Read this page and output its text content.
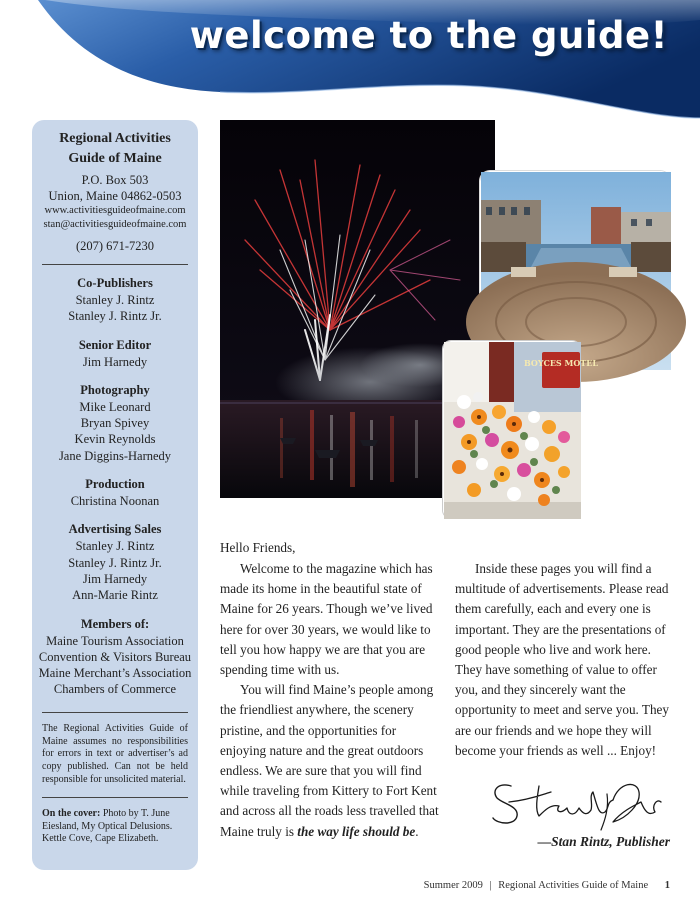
welcome to the guide!
Regional Activities
Guide of Maine
P.O. Box 503
Union, Maine 04862-0503
www.activitiesguideofmaine.com
stan@activitiesguideofmaine.com
(207) 671-7230
Co-Publishers
Stanley J. Rintz
Stanley J. Rintz Jr.
Senior Editor
Jim Harnedy
Photography
Mike Leonard
Bryan Spivey
Kevin Reynolds
Jane Diggins-Harnedy
Production
Christina Noonan
Advertising Sales
Stanley J. Rintz
Stanley J. Rintz Jr.
Jim Harnedy
Ann-Marie Rintz
Members of:
Maine Tourism Association
Convention & Visitors Bureau
Maine Merchant’s Association
Chambers of Commerce
The Regional Activities Guide of Maine assumes no responsibilities for errors in text or advertiser’s ad copy published. Can not be held responsible for unsolicited material.
On the cover: Photo by T. June Eiesland, My Optical Delusions. Kettle Cove, Cape Elizabeth.
BOYCES MOTEL
Hello Friends,

Welcome to the magazine which has made its home in the beautiful state of Maine for 26 years. Though we’ve lived here for over 30 years, we would like to tell you how happy we are that you are spending time with us.

You will find Maine’s people among the friendliest anywhere, the scenery pristine, and the opportunities for enjoying nature and the great outdoors endless. We are sure that you will find while traveling from Kittery to Fort Kent and across all the roads less travelled that Maine truly is the way life should be.

Inside these pages you will find a multitude of advertisements. Please read them carefully, each and every one is important. They are the presentations of good people who live and work here. They have something of value to offer you, and they sincerely want the opportunity to meet and serve you. They are our friends and we hope they will become your friends as well ... Enjoy!

—Stan Rintz, Publisher
Summer 2009 | Regional Activities Guide of Maine 1
